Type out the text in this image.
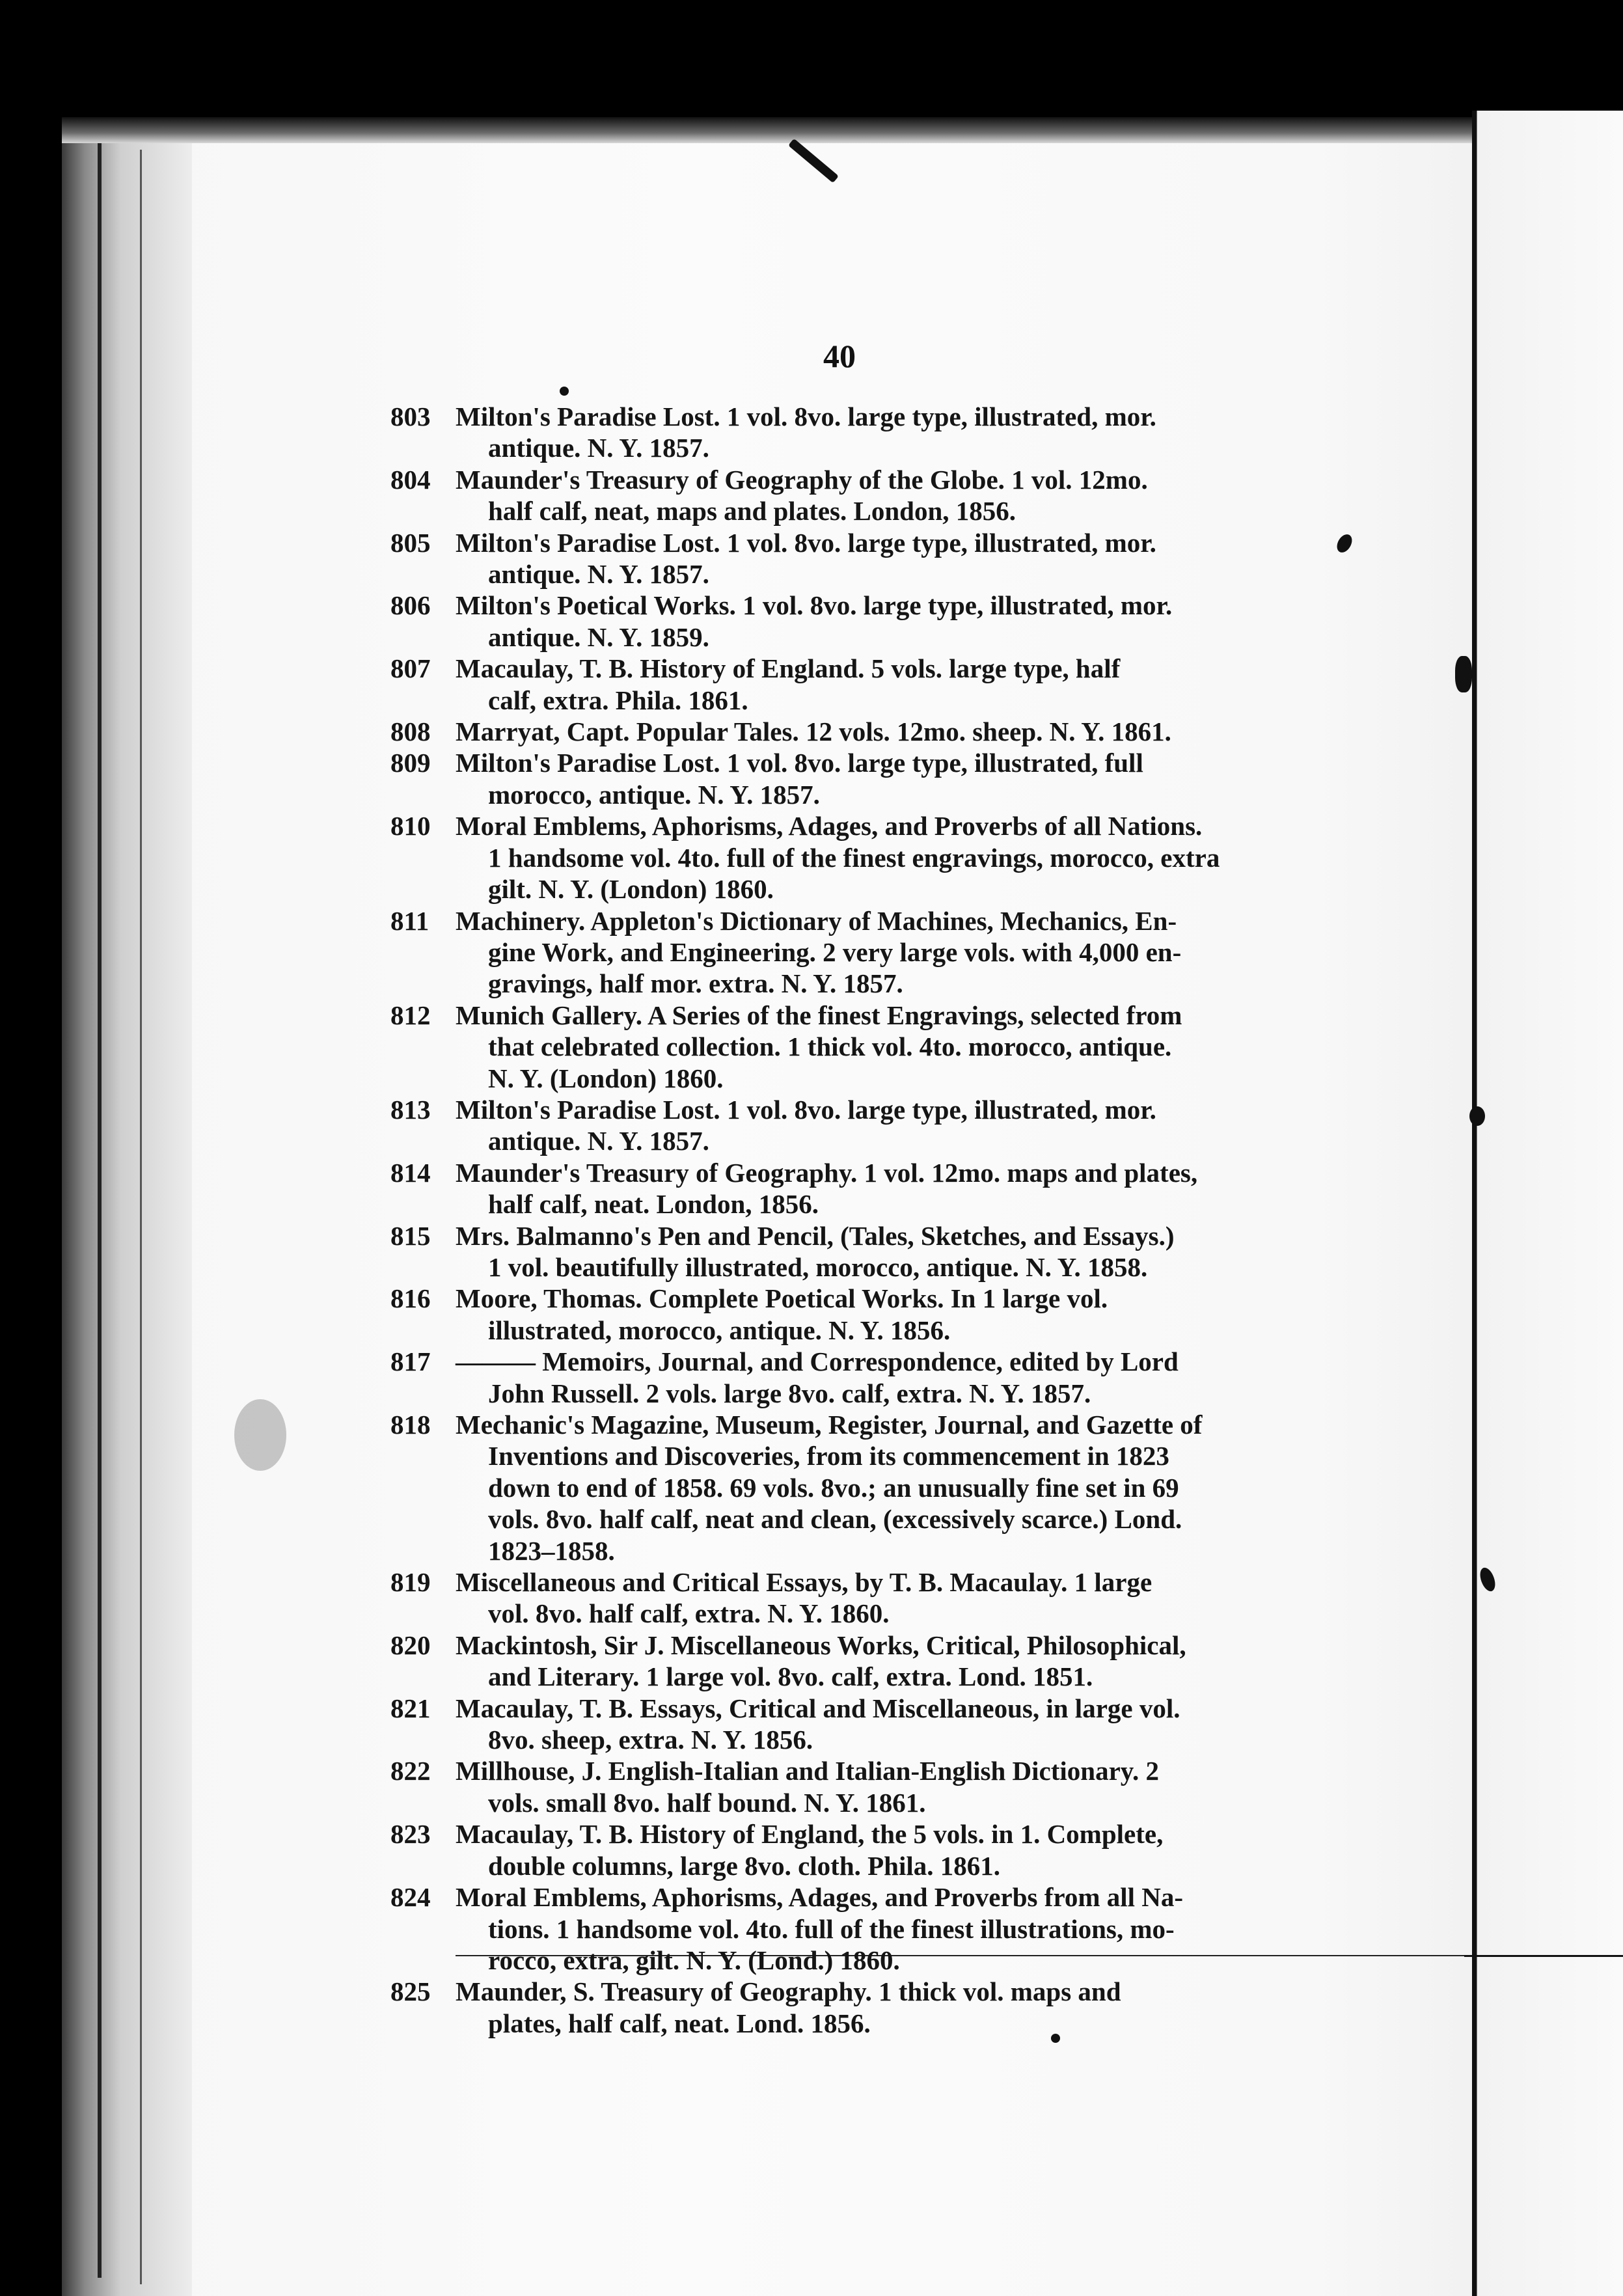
40
803 Milton's Paradise Lost. 1 vol. 8vo. large type, illustrated, mor.
antique. N. Y. 1857.
804 Maunder's Treasury of Geography of the Globe. 1 vol. 12mo.
half calf, neat, maps and plates. London, 1856.
805 Milton's Paradise Lost. 1 vol. 8vo. large type, illustrated, mor.
antique. N. Y. 1857.
806 Milton's Poetical Works. 1 vol. 8vo. large type, illustrated, mor.
antique. N. Y. 1859.
807 Macaulay, T. B. History of England. 5 vols. large type, half
calf, extra. Phila. 1861.
808 Marryat, Capt. Popular Tales. 12 vols. 12mo. sheep. N. Y. 1861.
809 Milton's Paradise Lost. 1 vol. 8vo. large type, illustrated, full
morocco, antique. N. Y. 1857.
810 Moral Emblems, Aphorisms, Adages, and Proverbs of all Nations.
1 handsome vol. 4to. full of the finest engravings, morocco, extra
gilt. N. Y. (London) 1860.
811 Machinery. Appleton's Dictionary of Machines, Mechanics, En-
gine Work, and Engineering. 2 very large vols. with 4,000 en-
gravings, half mor. extra. N. Y. 1857.
812 Munich Gallery. A Series of the finest Engravings, selected from
that celebrated collection. 1 thick vol. 4to. morocco, antique.
N. Y. (London) 1860.
813 Milton's Paradise Lost. 1 vol. 8vo. large type, illustrated, mor.
antique. N. Y. 1857.
814 Maunder's Treasury of Geography. 1 vol. 12mo. maps and plates,
half calf, neat. London, 1856.
815 Mrs. Balmanno's Pen and Pencil, (Tales, Sketches, and Essays.)
1 vol. beautifully illustrated, morocco, antique. N. Y. 1858.
816 Moore, Thomas. Complete Poetical Works. In 1 large vol.
illustrated, morocco, antique. N. Y. 1856.
817 ——— Memoirs, Journal, and Correspondence, edited by Lord
John Russell. 2 vols. large 8vo. calf, extra. N. Y. 1857.
818 Mechanic's Magazine, Museum, Register, Journal, and Gazette of
Inventions and Discoveries, from its commencement in 1823
down to end of 1858. 69 vols. 8vo.; an unusually fine set in 69
vols. 8vo. half calf, neat and clean, (excessively scarce.) Lond.
1823–1858.
819 Miscellaneous and Critical Essays, by T. B. Macaulay. 1 large
vol. 8vo. half calf, extra. N. Y. 1860.
820 Mackintosh, Sir J. Miscellaneous Works, Critical, Philosophical,
and Literary. 1 large vol. 8vo. calf, extra. Lond. 1851.
821 Macaulay, T. B. Essays, Critical and Miscellaneous, in large vol.
8vo. sheep, extra. N. Y. 1856.
822 Millhouse, J. English-Italian and Italian-English Dictionary. 2
vols. small 8vo. half bound. N. Y. 1861.
823 Macaulay, T. B. History of England, the 5 vols. in 1. Complete,
double columns, large 8vo. cloth. Phila. 1861.
824 Moral Emblems, Aphorisms, Adages, and Proverbs from all Na-
tions. 1 handsome vol. 4to. full of the finest illustrations, mo-
rocco, extra, gilt. N. Y. (Lond.) 1860.
825 Maunder, S. Treasury of Geography. 1 thick vol. maps and
plates, half calf, neat. Lond. 1856.
